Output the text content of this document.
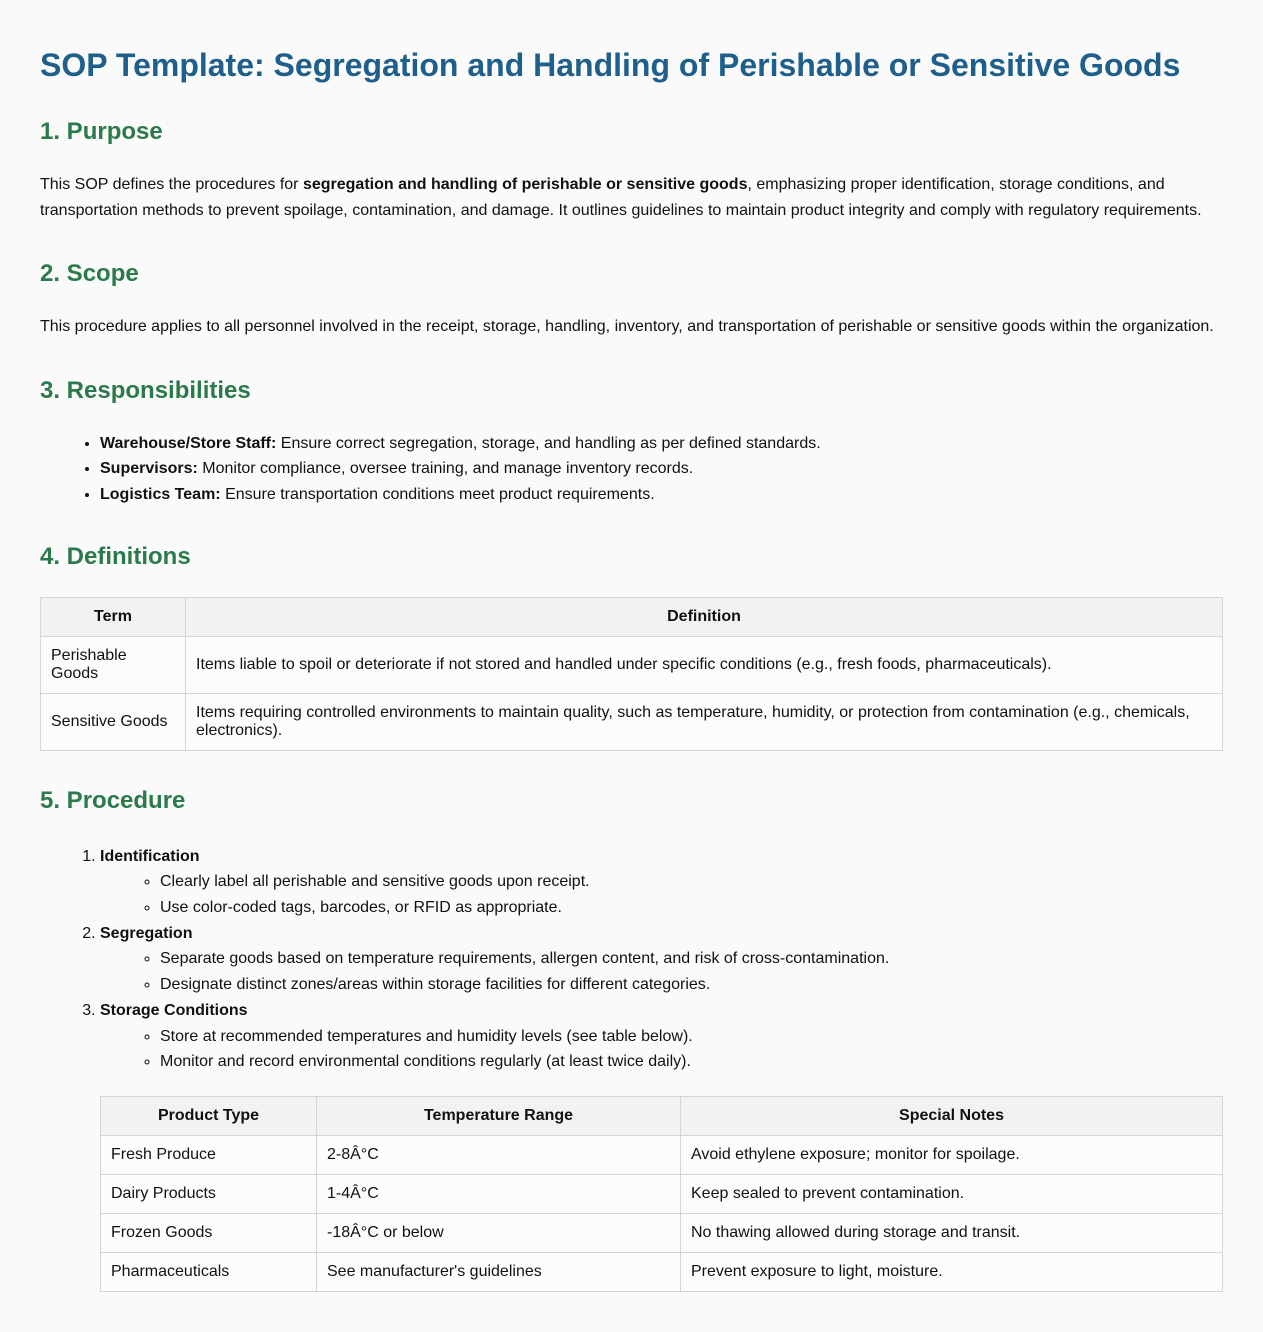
SOP Template: Segregation and Handling of Perishable or Sensitive Goods
1. Purpose

This SOP defines the procedures for segregation and handling of perishable or sensitive goods, emphasizing proper identification, storage conditions, and transportation methods to prevent spoilage, contamination, and damage. It outlines guidelines to maintain product integrity and comply with regulatory requirements.

2. Scope

This procedure applies to all personnel involved in the receipt, storage, handling, inventory, and transportation of perishable or sensitive goods within the organization.

3. Responsibilities
• Warehouse/Store Staff: Ensure correct segregation, storage, and handling as per defined standards.
• Supervisors: Monitor compliance, oversee training, and manage inventory records.
• Logistics Team: Ensure transportation conditions meet product requirements.
4. Definitions
Term	Definition
Perishable Goods	Items liable to spoil or deteriorate if not stored and handled under specific conditions (e.g., fresh foods, pharmaceuticals).
Sensitive Goods	Items requiring controlled environments to maintain quality, such as temperature, humidity, or protection from contamination (e.g., chemicals, electronics).
5. Procedure
1. Identification
◦ Clearly label all perishable and sensitive goods upon receipt.
◦ Use color-coded tags, barcodes, or RFID as appropriate.
2. Segregation
◦ Separate goods based on temperature requirements, allergen content, and risk of cross-contamination.
◦ Designate distinct zones/areas within storage facilities for different categories.
3. Storage Conditions
◦ Store at recommended temperatures and humidity levels (see table below).
◦ Monitor and record environmental conditions regularly (at least twice daily).
Product Type	Temperature Range	Special Notes
Fresh Produce	2-8Â°C	Avoid ethylene exposure; monitor for spoilage.
Dairy Products	1-4Â°C	Keep sealed to prevent contamination.
Frozen Goods	-18Â°C or below	No thawing allowed during storage and transit.
Pharmaceuticals	See manufacturer's guidelines	Prevent exposure to light, moisture.
